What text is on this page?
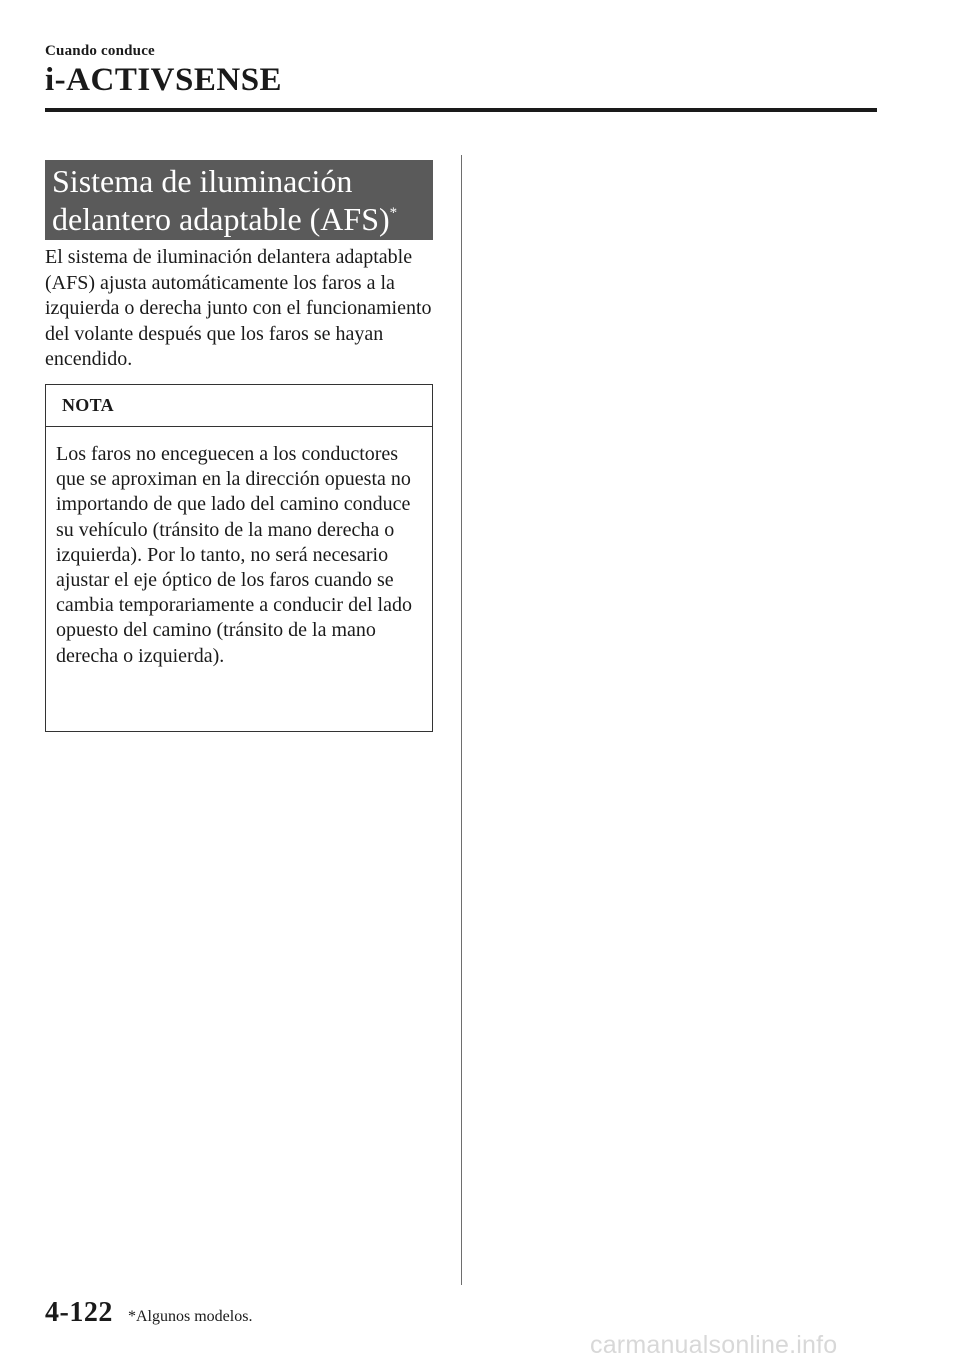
Cuando conduce
i-ACTIVSENSE
Sistema de iluminación delantero adaptable (AFS)*

El sistema de iluminación delantera adaptable (AFS) ajusta automáticamente los faros a la izquierda o derecha junto con el funcionamiento del volante después que los faros se hayan encendido.

NOTA

Los faros no enceguecen a los conductores que se aproximan en la dirección opuesta no importando de que lado del camino conduce su vehículo (tránsito de la mano derecha o izquierda). Por lo tanto, no será necesario ajustar el eje óptico de los faros cuando se cambia temporariamente a conducir del lado opuesto del camino (tránsito de la mano derecha o izquierda).

4-122 *Algunos modelos.
carmanualsonline.info
